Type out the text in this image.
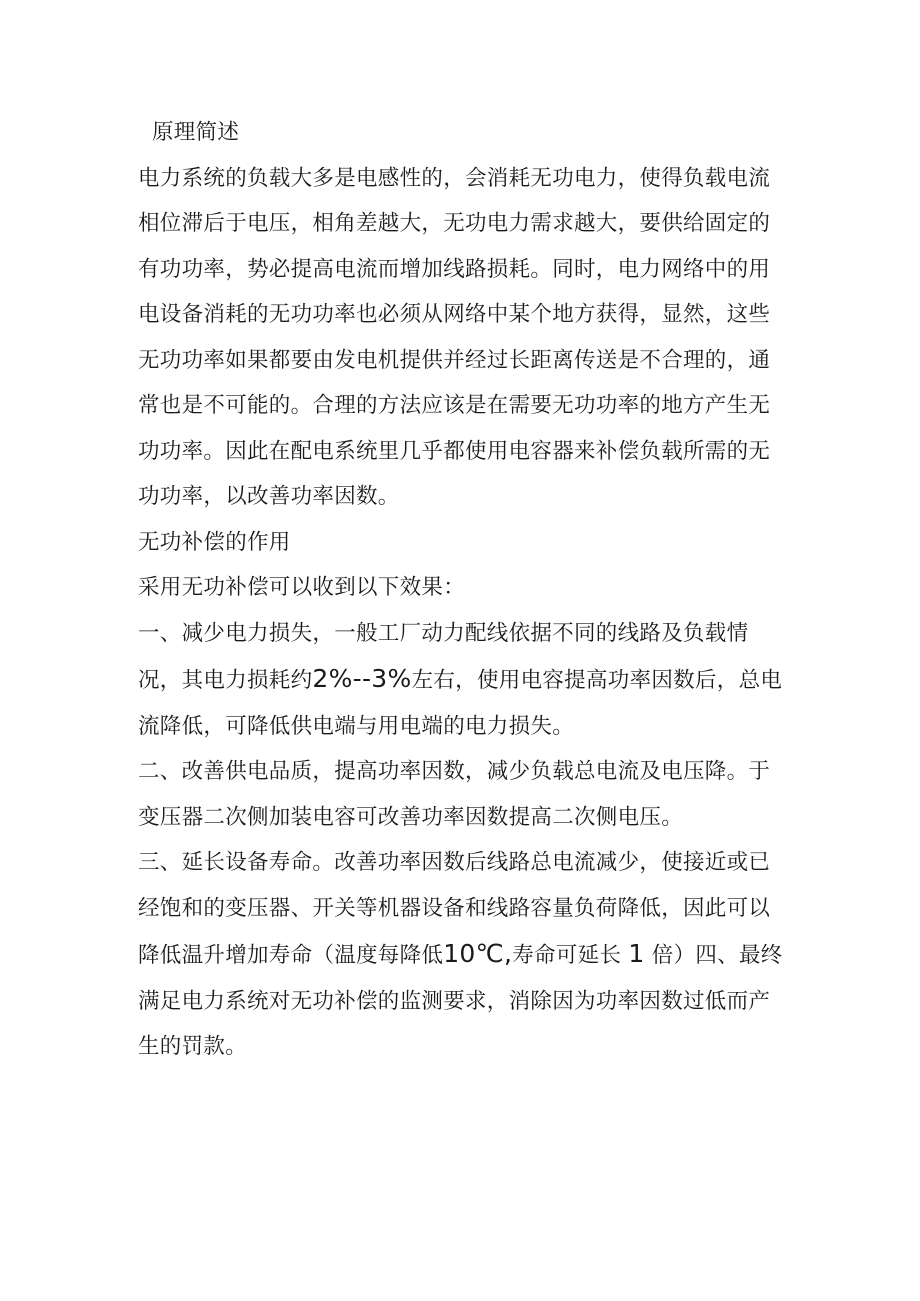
原理简述

电力系统的负载大多是电感性的，会消耗无功电力，使得负载电流相位滞后于电压，相角差越大，无功电力需求越大，要供给固定的有功功率，势必提高电流而增加线路损耗。同时，电力网络中的用电设备消耗的无功功率也必须从网络中某个地方获得，显然，这些无功功率如果都要由发电机提供并经过长距离传送是不合理的，通常也是不可能的。合理的方法应该是在需要无功功率的地方产生无功功率。因此在配电系统里几乎都使用电容器来补偿负载所需的无功功率，以改善功率因数。

无功补偿的作用

采用无功补偿可以收到以下效果：

一、减少电力损失，一般工厂动力配线依据不同的线路及负载情

况，其电力损耗约2%--3%左右，使用电容提高功率因数后，总电流降低，可降低供电端与用电端的电力损失。

二、改善供电品质，提高功率因数，减少负载总电流及电压降。于变压器二次侧加装电容可改善功率因数提高二次侧电压。

三、延长设备寿命。改善功率因数后线路总电流减少，使接近或已经饱和的变压器、开关等机器设备和线路容量负荷降低，因此可以降低温升增加寿命（温度每降低10℃,寿命可延长 1 倍）四、最终满足电力系统对无功补偿的监测要求，消除因为功率因数过低而产生的罚款。
